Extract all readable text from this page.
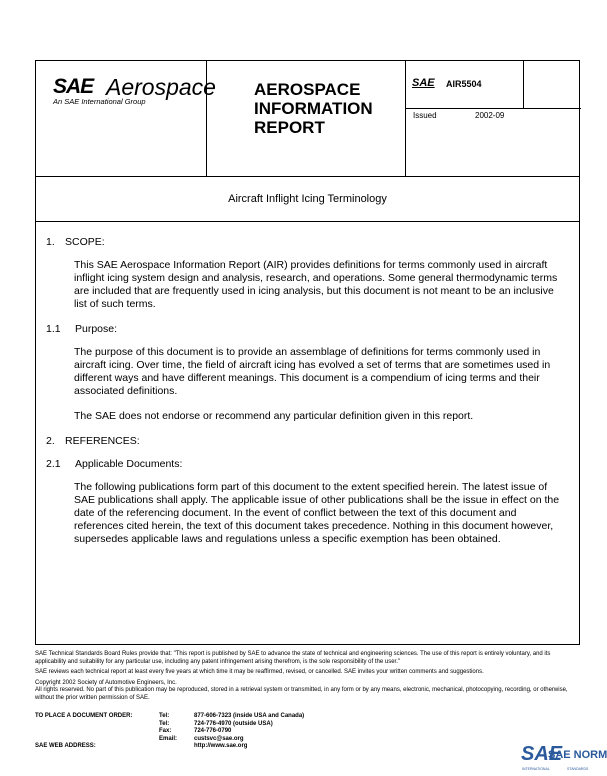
SAE Aerospace
An SAE International Group
AEROSPACE
INFORMATION
REPORT
SAE AIR5504
Issued	2002-09
Aircraft Inflight Icing Terminology
1. SCOPE:

This SAE Aerospace Information Report (AIR) provides definitions for terms commonly used in aircraft inflight icing system design and analysis, research, and operations. Some general thermodynamic terms are included that are frequently used in icing analysis, but this document is not meant to be an inclusive list of such terms.

1.1	Purpose:

The purpose of this document is to provide an assemblage of definitions for terms commonly used in aircraft icing. Over time, the field of aircraft icing has evolved a set of terms that are sometimes used in different ways and have different meanings. This document is a compendium of icing terms and their associated definitions.

The SAE does not endorse or recommend any particular definition given in this report.

2. REFERENCES:
2.1	Applicable Documents:

The following publications form part of this document to the extent specified herein. The latest issue of SAE publications shall apply. The applicable issue of other publications shall be the issue in effect on the date of the referencing document. In the event of conflict between the text of this document and references cited herein, the text of this document takes precedence. Nothing in this document however, supersedes applicable laws and regulations unless a specific exemption has been obtained.

SAE Technical Standards Board Rules provide that: "This report is published by SAE to advance the state of technical and engineering sciences. The use of this report is entirely voluntary, and its applicability and suitability for any particular use, including any patent infringement arising therefrom, is the sole responsibility of the user."

SAE reviews each technical report at least every five years at which time it may be reaffirmed, revised, or cancelled. SAE invites your written comments and suggestions.

Copyright 2002 Society of Automotive Engineers, Inc.

All rights reserved. No part of this publication may be reproduced, stored in a retrieval system or transmitted, in any form or by any means, electronic, mechanical, photocopying, recording, or otherwise, without the prior written permission of SAE.

TO PLACE A DOCUMENT ORDER:	Tel:	877-606-7323 (inside USA and Canada)
Tel:	724-776-4970 (outside USA)
Fax:	724-776-0790
Email:	custsvc@sae.org
SAE WEB ADDRESS:	http://www.sae.org	SAE
SAE NORM
INTERNATIONAL	STANDARDS
